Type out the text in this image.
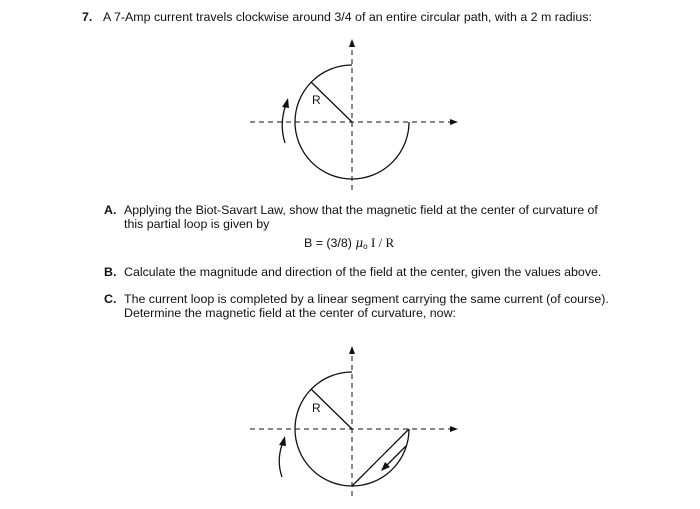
7. A 7-Amp current travels clockwise around 3/4 of an entire circular path, with a 2 m radius:
R
A. Applying the Biot-Savart Law, show that the magnetic field at the center of curvature of
this partial loop is given by
B = (3/8) $\mu_o$ I / R
B. Calculate the magnitude and direction of the field at the center, given the values above.
C. The current loop is completed by a linear segment carrying the same current (of course).
Determine the magnetic field at the center of curvature, now:
R
